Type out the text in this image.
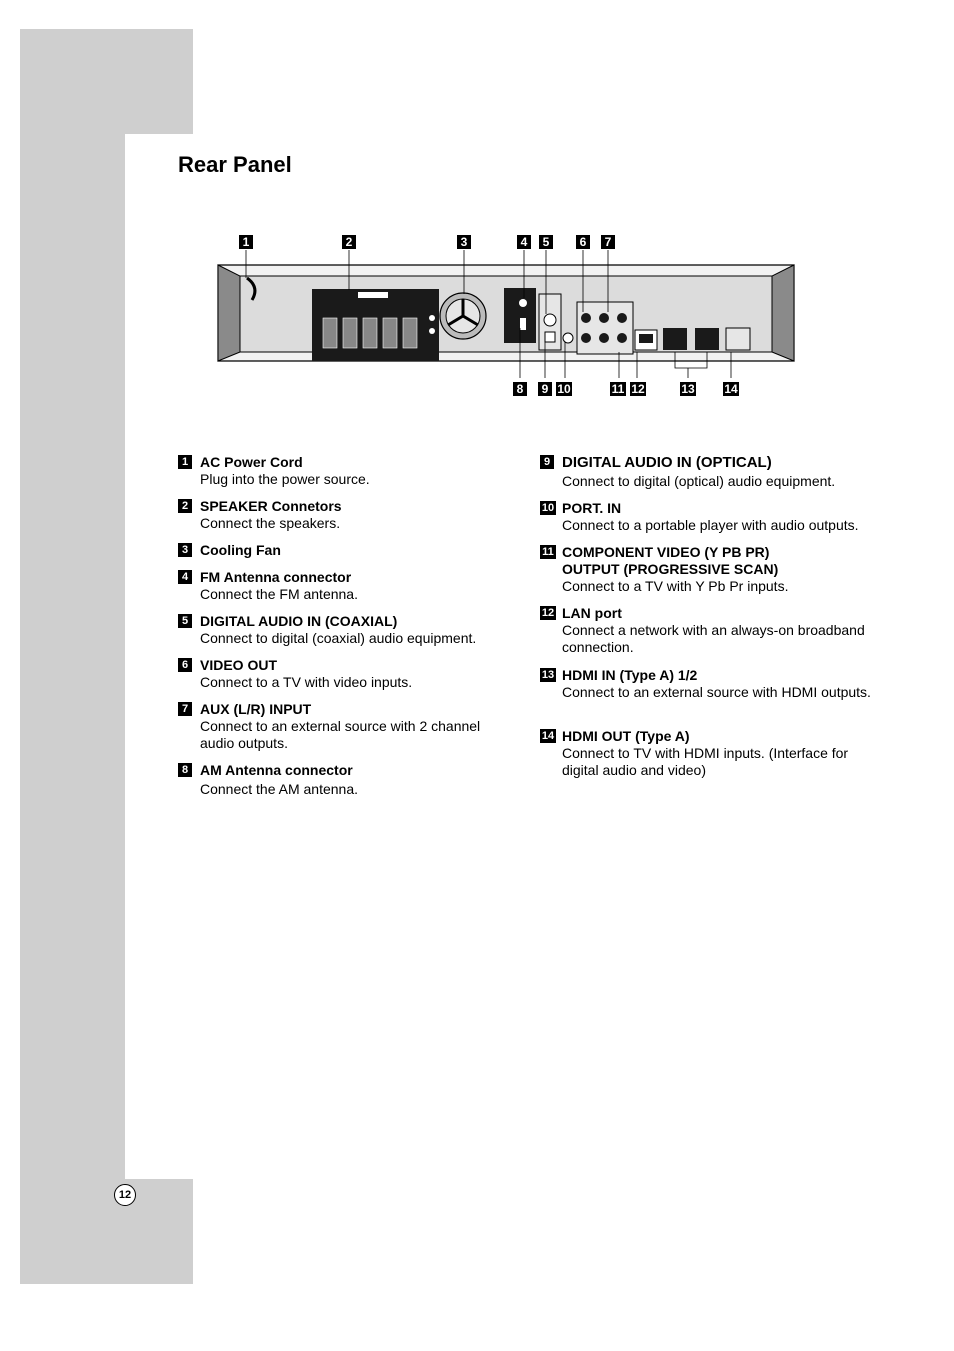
Rear Panel
1	2	3	4	5	6	7
8	9 10	11 12	13 14
1 AC Power Cord
Plug into the power source.
2 SPEAKER Connetors
Connect the speakers.
3 Cooling Fan
4 FM Antenna connector
Connect the FM antenna.
5 DIGITAL AUDIO IN (COAXIAL)
Connect to digital (coaxial) audio equipment.
6 VIDEO OUT
Connect to a TV with video inputs.
7 AUX (L/R) INPUT
Connect to an external source with 2 channel audio outputs.
8 AM Antenna connector
Connect the AM antenna.
9 DIGITAL AUDIO IN (OPTICAL)
Connect to digital (optical) audio equipment.
10 PORT. IN
Connect to a portable player with audio outputs.
11 COMPONENT VIDEO (Y PB PR)
OUTPUT (PROGRESSIVE SCAN)
Connect to a TV with Y Pb Pr inputs.
12 LAN port
Connect a network with an always-on broadband connection.
13 HDMI IN (Type A) 1/2
Connect to an external source with HDMI outputs.
14 HDMI OUT (Type A)
Connect to TV with HDMI inputs. (Interface for digital audio and video)
12
